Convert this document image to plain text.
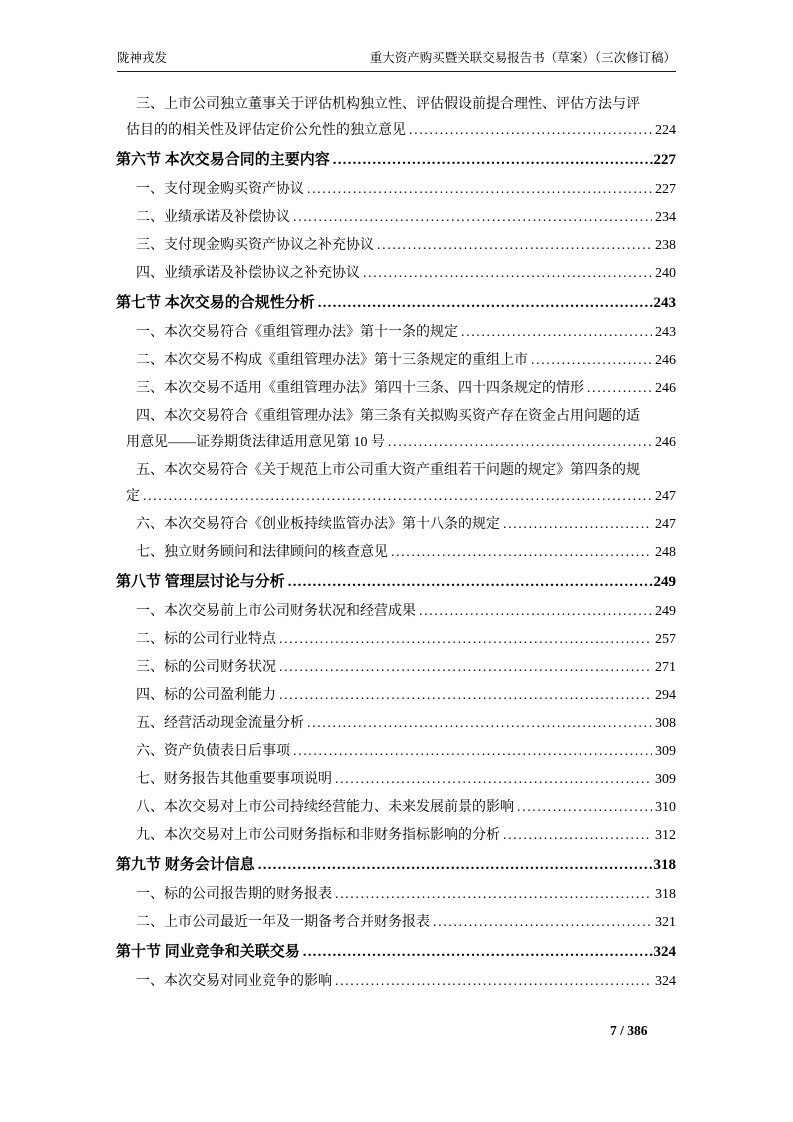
陇神戎发	重大资产购买暨关联交易报告书（草案）（三次修订稿）
三、上市公司独立董事关于评估机构独立性、评估假设前提合理性、评估方法与评
估目的的相关性及评估定价公允性的独立意见 .....	224
第六节 本次交易合同的主要内容 .....	227
一、支付现金购买资产协议 .....	227
二、业绩承诺及补偿协议 .....	234
三、支付现金购买资产协议之补充协议 .....	238
四、业绩承诺及补偿协议之补充协议 .....	240
第七节 本次交易的合规性分析 .....	243
一、本次交易符合《重组管理办法》第十一条的规定 .....	243
二、本次交易不构成《重组管理办法》第十三条规定的重组上市 .....	246
三、本次交易不适用《重组管理办法》第四十三条、四十四条规定的情形 .....	246
四、本次交易符合《重组管理办法》第三条有关拟购买资产存在资金占用问题的适
用意见——证券期货法律适用意见第 10 号 .....	246
五、本次交易符合《关于规范上市公司重大资产重组若干问题的规定》第四条的规
定 .....	247
六、本次交易符合《创业板持续监管办法》第十八条的规定 .....	247
七、独立财务顾问和法律顾问的核查意见 .....	248
第八节 管理层讨论与分析 .....	249
一、本次交易前上市公司财务状况和经营成果 .....	249
二、标的公司行业特点 .....	257
三、标的公司财务状况 .....	271
四、标的公司盈利能力 .....	294
五、经营活动现金流量分析 .....	308
六、资产负债表日后事项 .....	309
七、财务报告其他重要事项说明 .....	309
八、本次交易对上市公司持续经营能力、未来发展前景的影响 .....	310
九、本次交易对上市公司财务指标和非财务指标影响的分析 .....	312
第九节 财务会计信息 .....	318
一、标的公司报告期的财务报表 .....	318
二、上市公司最近一年及一期备考合并财务报表 .....	321
第十节 同业竞争和关联交易 .....	324
一、本次交易对同业竞争的影响 .....	324
7 / 386
